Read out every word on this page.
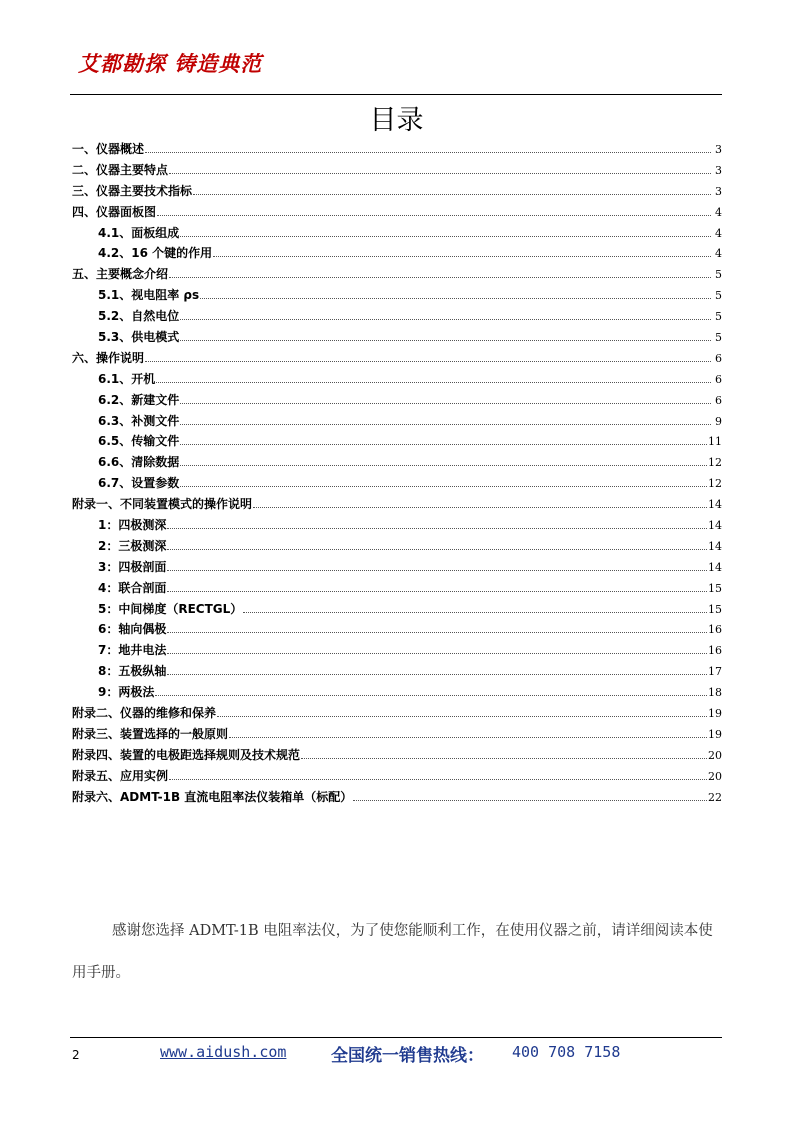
艾都勘探 铸造典范
目录
一、仪器概述	3
二、仪器主要特点	3
三、仪器主要技术指标	3
四、仪器面板图	4
4.1、面板组成	4
4.2、16 个键的作用	4
五、主要概念介绍	5
5.1、视电阻率 ρs	5
5.2、自然电位	5
5.3、供电模式	5
六、操作说明	6
6.1、开机	6
6.2、新建文件	6
6.3、补测文件	9
6.5、传输文件	11
6.6、清除数据	12
6.7、设置参数	12
附录一、不同装置模式的操作说明	14
1：四极测深	14
2：三极测深	14
3：四极剖面	14
4：联合剖面	15
5：中间梯度（RECTGL）	15
6：轴向偶极	16
7：地井电法	16
8：五极纵轴	17
9：两极法	18
附录二、仪器的维修和保养	19
附录三、装置选择的一般原则	19
附录四、装置的电极距选择规则及技术规范	20
附录五、应用实例	20
附录六、ADMT-1B 直流电阻率法仪装箱单（标配）	22
感谢您选择 ADMT-1B 电阻率法仪，为了使您能顺利工作，在使用仪器之前，请详细阅读本使用手册。
2	www.aidush.com	全国统一销售热线： 400 708 7158
